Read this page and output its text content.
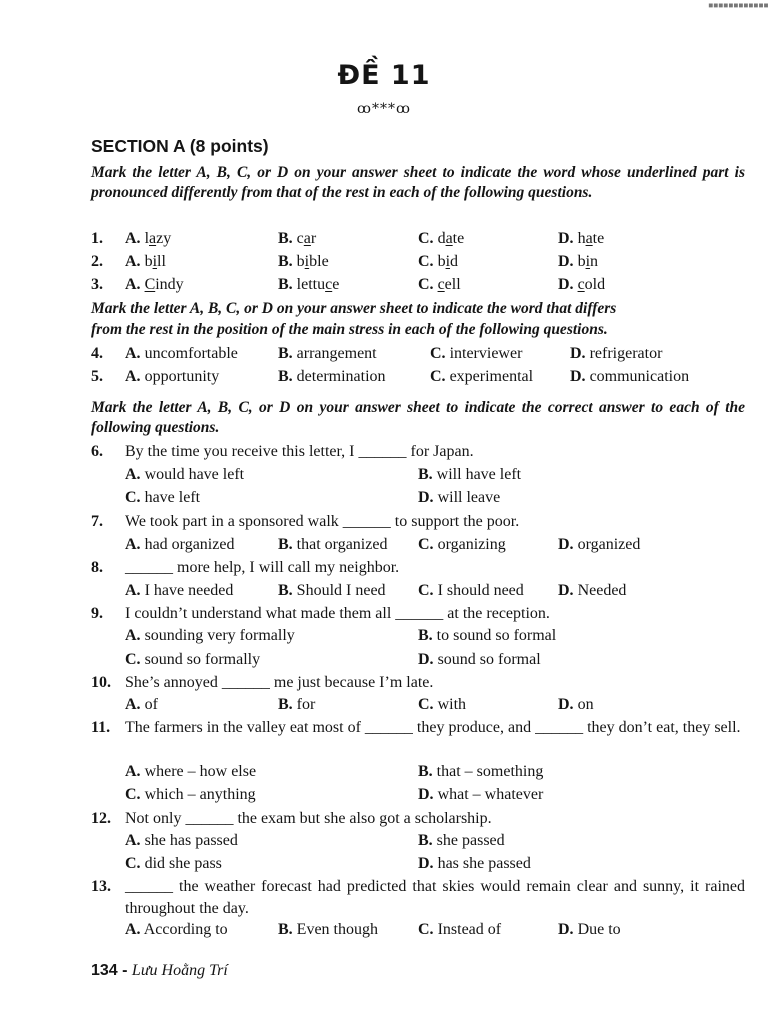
▪▪▪▪▪▪▪▪▪▪▪▪
ĐỀ 11
ꝏ***ꝏ
SECTION A (8 points)
Mark the letter A, B, C, or D on your answer sheet to indicate the word whose underlined part is pronounced differently from that of the rest in each of the following questions.
1. A. lazy	B. car	C. date	D. hate
2. A. bill	B. bible	C. bid	D. bin
3. A. Cindy	B. lettuce	C. cell	D. cold
Mark the letter A, B, C, or D on your answer sheet to indicate the word that differs
from the rest in the position of the main stress in each of the following questions.
4. A. uncomfortable	B. arrangement	C. interviewer	D. refrigerator
5. A. opportunity	B. determination	C. experimental D. communication
Mark the letter A, B, C, or D on your answer sheet to indicate the correct answer to each of the following questions.
6. By the time you receive this letter, I ______ for Japan.
A. would have left	B. will have left
C. have left	D. will leave
7. We took part in a sponsored walk ______ to support the poor.
A. had organized	B. that organized C. organizing	D. organized
8. ______ more help, I will call my neighbor.
A. I have needed	B. Should I need C. I should need D. Needed
9. I couldn’t understand what made them all ______ at the reception.
A. sounding very formally	B. to sound so formal
C. sound so formally	D. sound so formal
10. She’s annoyed ______ me just because I’m late.
A. of	B. for	C. with	D. on
11. The farmers in the valley eat most of ______ they produce, and ______ they don’t eat, they sell.
A. where – how else	B. that – something
C. which – anything	D. what – whatever
12. Not only ______ the exam but she also got a scholarship.
A. she has passed	B. she passed
C. did she pass	D. has she passed
13. ______ the weather forecast had predicted that skies would remain clear and sunny, it rained throughout the day.
A. According to	B. Even though	C. Instead of	D. Due to
134 - Lưu Hoằng Trí
